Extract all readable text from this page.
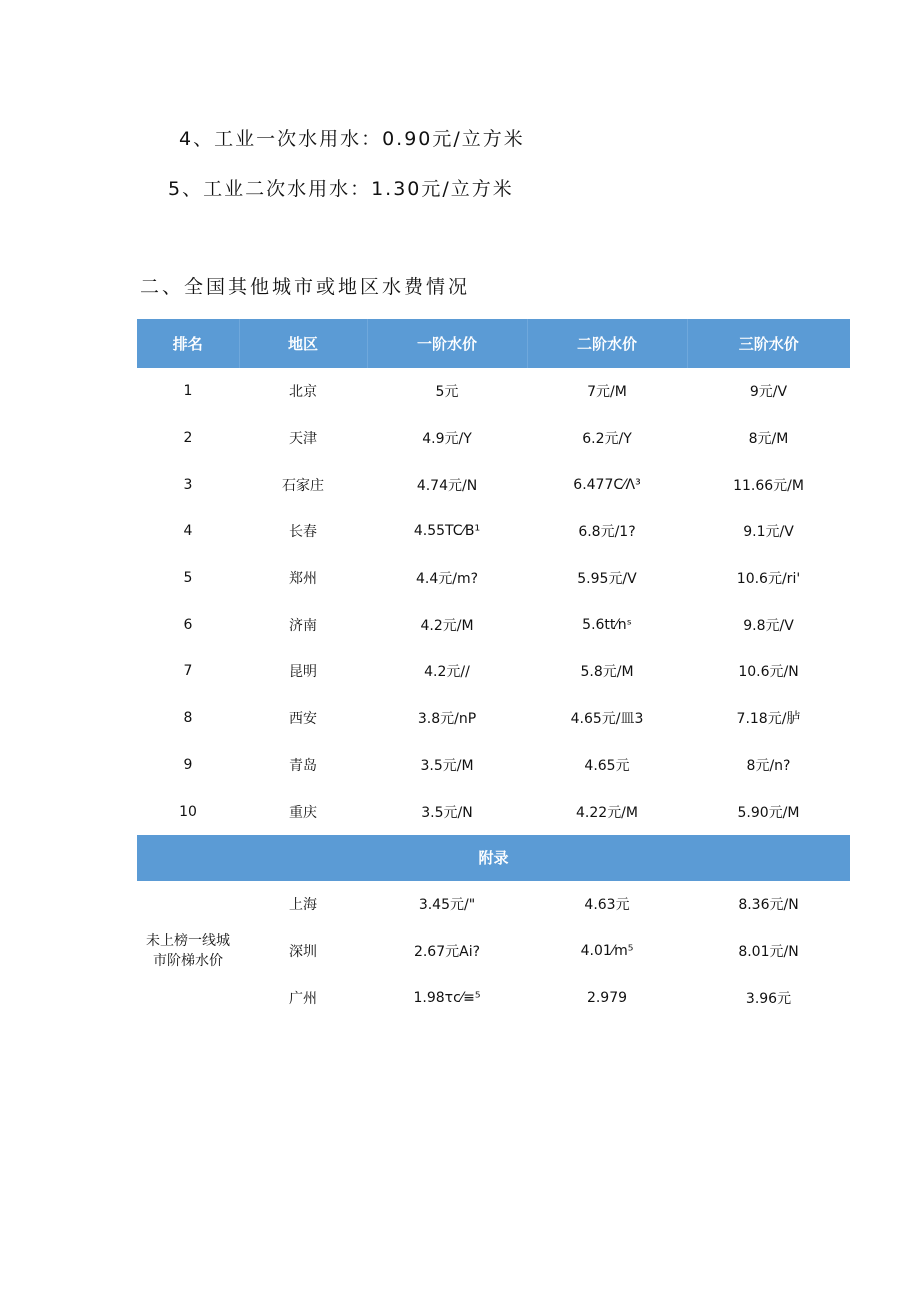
4、工业一次水用水：0.90元/立方米
5、工业二次水用水：1.30元/立方米
二、全国其他城市或地区水费情况
排名	地区	一阶水价	二阶水价	三阶水价
1	北京	5元	7元/M	9元/V
2	天津	4.9元/Y	6.2元/Y	8元/M
3	石家庄	4.74元/N	6.477C⁄Λ³	11.66元/M
4	长春	4.55TC⁄B¹	6.8元/1?	9.1元/V
5	郑州	4.4元/m?	5.95元/V	10.6元/ri'
6	济南	4.2元/M	5.6tt⁄nˢ	9.8元/V
7	昆明	4.2元//	5.8元/M	10.6元/N
8	西安	3.8元/nP	4.65元/皿3	7.18元/胪
9	青岛	3.5元/M	4.65元	8元/n?
10	重庆	3.5元/N	4.22元/M	5.90元/M
附录				
未上榜一线城市阶梯水价	上海	3.45元/"	4.63元	8.36元/N
	深圳	2.67元Ai?	4.01⁄m⁵	8.01元/N
	广州	1.98τc⁄≡⁵	2.979	3.96元
